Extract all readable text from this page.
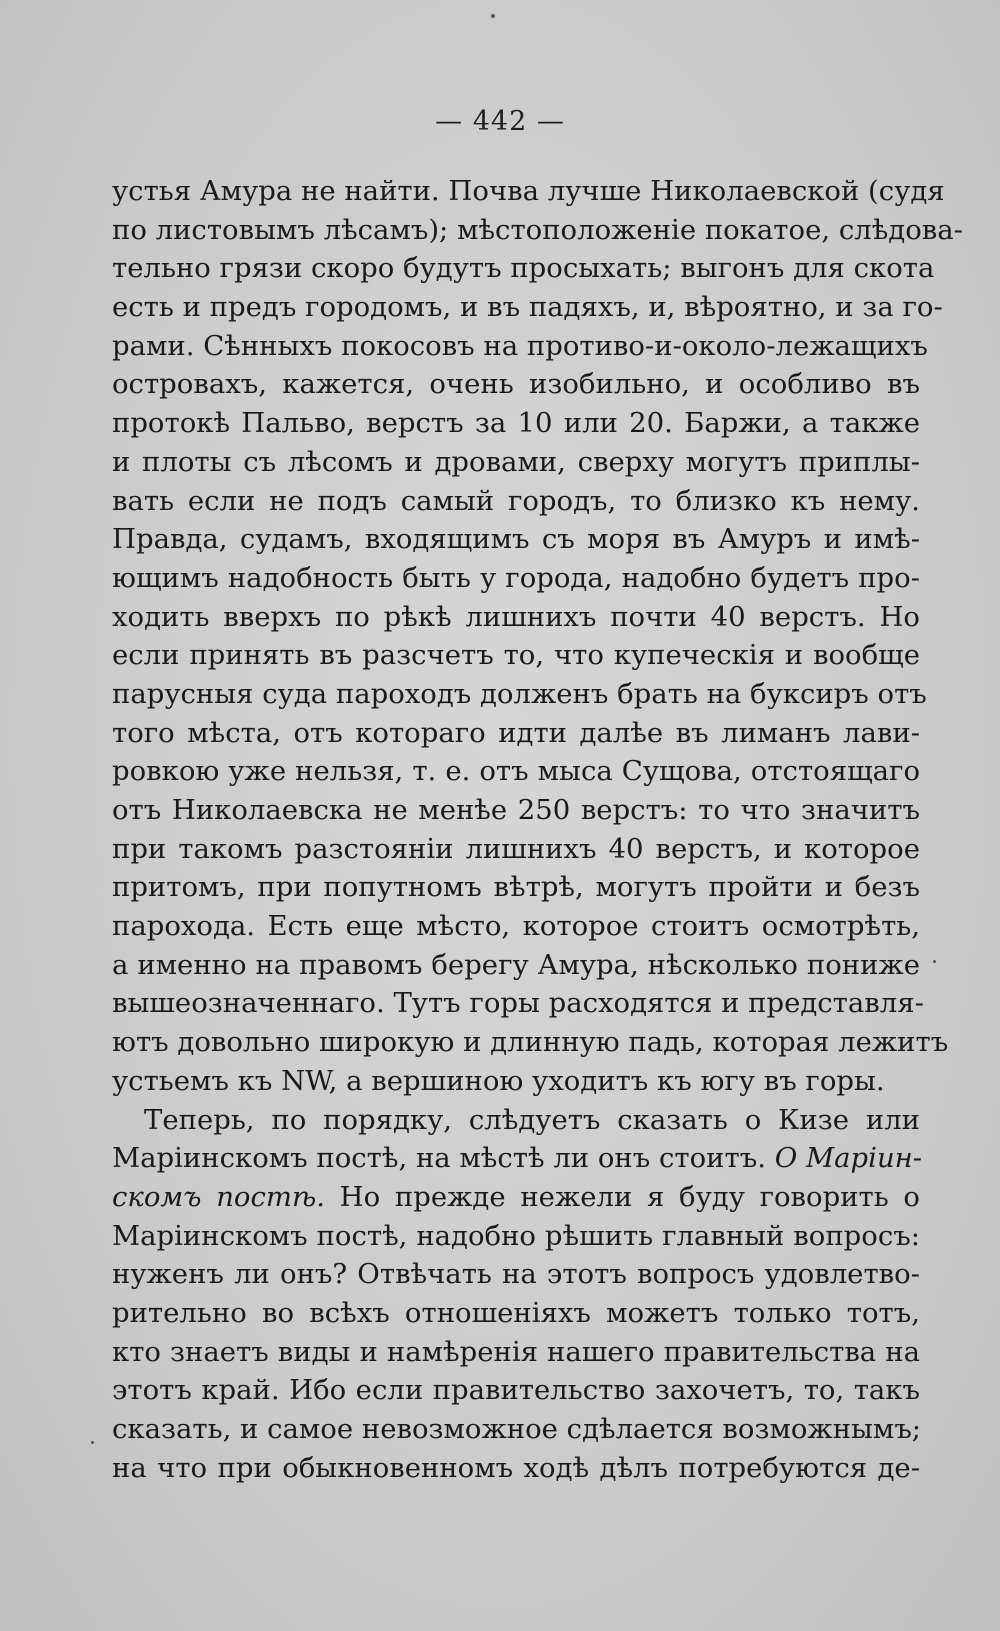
— 442 —
устья Амура не найти. Почва лучше Николаевской (судя
по листовымъ лѣсамъ); мѣстоположенiе покатое, слѣдова-
тельно грязи скоро будутъ просыхать; выгонъ для скота
есть и предъ городомъ, и въ падяхъ, и, вѣроятно, и за го-
рами. Сѣнныхъ покосовъ на противо-и-около-лежащихъ
островахъ, кажется, очень изобильно, и особливо въ
протокѣ Пальво, верстъ за 10 или 20. Баржи, а также
и плоты съ лѣсомъ и дровами, сверху могутъ приплы-
вать если не подъ самый городъ, то близко къ нему.
Правда, судамъ, входящимъ съ моря въ Амуръ и имѣ-
ющимъ надобность быть у города, надобно будетъ про-
ходить вверхъ по рѣкѣ лишнихъ почти 40 верстъ. Но
если принять въ разсчетъ то, что купеческiя и вообще
парусныя суда пароходъ долженъ брать на буксиръ отъ
того мѣста, отъ котораго идти далѣе въ лиманъ лави-
ровкою уже нельзя, т. е. отъ мыса Сущова, отстоящаго
отъ Николаевска не менѣе 250 верстъ: то что значитъ
при такомъ разстоянiи лишнихъ 40 верстъ, и которое
притомъ, при попутномъ вѣтрѣ, могутъ пройти и безъ
парохода. Есть еще мѣсто, которое стоитъ осмотрѣть,
а именно на правомъ берегу Амура, нѣсколько пониже
вышеозначеннаго. Тутъ горы расходятся и представля-
ютъ довольно широкую и длинную падь, которая лежитъ
устьемъ къ NW, а вершиною уходитъ къ югу въ горы.
Теперь, по порядку, слѣдуетъ сказать о Кизе или
Марiинскомъ постѣ, на мѣстѣ ли онъ стоитъ. О Марiин-
скомъ постѣ. Но прежде нежели я буду говорить о
Марiинскомъ постѣ, надобно рѣшить главный вопросъ:
нуженъ ли онъ? Отвѣчать на этотъ вопросъ удовлетво-
рительно во всѣхъ отношенiяхъ можетъ только тотъ,
кто знаетъ виды и намѣренiя нашего правительства на
этотъ край. Ибо если правительство захочетъ, то, такъ
сказать, и самое невозможное сдѣлается возможнымъ;
на что при обыкновенномъ ходѣ дѣлъ потребуются де-
